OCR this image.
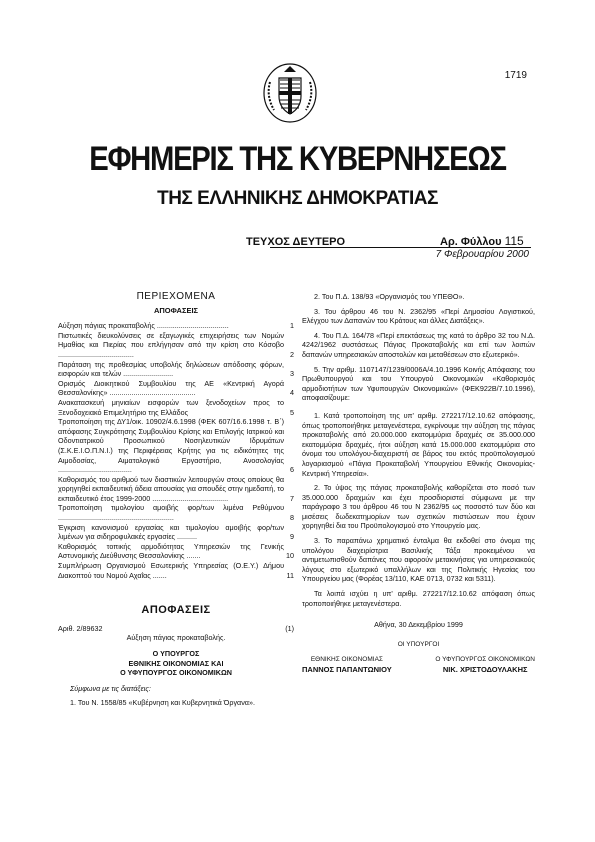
1719
ΕΦΗΜΕΡΙΣ ΤΗΣ ΚΥΒΕΡΝΗΣΕΩΣ
ΤΗΣ ΕΛΛΗΝΙΚΗΣ ΔΗΜΟΚΡΑΤΙΑΣ
ΤΕΥΧΟΣ ΔΕΥΤΕΡΟ	Αρ. Φύλλου 115
7 Φεβρουαρίου 2000
ΠΕΡΙΕΧΟΜΕΝΑ
ΑΠΟΦΑΣΕΙΣ
Αύξηση πάγιας προκαταβολής ....................................	1
Πιστωτικές διευκολύνσεις σε εξαγωγικές επιχειρήσεις των Νομών Ημαθίας και Πιερίας που επλήγησαν από την κρίση στο Κόσοβο ......................................	2
Παράταση της προθεσμίας υποβολής δηλώσεων απόδοσης φόρων, εισφορών και τελών .........................	3
Ορισμός Διοικητικού Συμβουλίου της ΑΕ «Κεντρική Αγορά Θεσσαλονίκης» ...........................................	4
Ανακατασκευή μηνιαίων εισφορών των ξενοδοχείων προς το Ξενοδοχειακό Επιμελητήριο της Ελλάδος	5
Τροποποίηση της ΔΥ1/οικ. 10902/4.6.1998 (ΦΕΚ 607/16.6.1998 τ. Β΄) απόφασης Συγκρότησης Συμβουλίου Κρίσης και Επιλογής Ιατρικού και Οδοντιατρικού Προσωπικού Νοσηλευτικών Ιδρυμάτων (Σ.Κ.Ε.Ι.Ο.Π.Ν.Ι.) της Περιφέρειας Κρήτης για τις ειδικότητες της Αιμοδοσίας, Αιματολογικό Εργαστήριο, Ανοσολογίας .....................................	6
Καθορισμός του αριθμού των διαστικών λειτουργών στους οποίους θα χορηγηθεί εκπαιδευτική άδεια απουσίας για σπουδές στην ημεδαπή, το εκπαιδευτικό έτος 1999-2000 ......................................	7
Τροποποίηση τιμολογίου αμοιβής φορ/των λιμένα Ρεθύμνου ..........................................................	8
Έγκριση κανονισμού εργασίας και τιμολογίου αμοιβής φορ/των λιμένων για σιδηροφυλακές εργασίες ..........	9
Καθορισμός τοπικής αρμοδιότητας Υπηρεσιών της Γενικής Αστυνομικής Διεύθυνσης Θεσσαλονίκης .......	10
Συμπλήρωση Οργανισμού Εσωτερικής Υπηρεσίας (Ο.Ε.Υ.) Δήμου Διακοπτού του Νομού Αχαΐας .......	11
ΑΠΟΦΑΣΕΙΣ
Αριθ. 2/89632	(1)
Αύξηση πάγιας προκαταβολής.
Ο ΥΠΟΥΡΓΟΣ
ΕΘΝΙΚΗΣ ΟΙΚΟΝΟΜΙΑΣ ΚΑΙ
Ο ΥΦΥΠΟΥΡΓΟΣ ΟΙΚΟΝΟΜΙΚΩΝ
Σύμφωνα με τις διατάξεις:
1. Του Ν. 1558/85 «Κυβέρνηση και Κυβερνητικά Όργανα».
2. Του Π.Δ. 138/93 «Οργανισμός του ΥΠΕΘΟ».
3. Του άρθρου 46 του Ν. 2362/95 «Περί Δημοσίου Λογιστικού, Ελέγχου των Δαπανών του Κράτους και άλλες Διατάξεις».
4. Του Π.Δ. 164/78 «Περί επεκτάσεως της κατά το άρθρο 32 του Ν.Δ. 4242/1962 συστάσεως Πάγιας Προκαταβολής και επί των λοιπών δαπανών υπηρεσιακών αποστολών και μεταθέσεων στο εξωτερικό».
5. Την αριθμ. 1107147/1239/0006Α/4.10.1996 Κοινής Απόφασης του Πρωθυπουργού και του Υπουργού Οικονομικών «Καθορισμός αρμοδιοτήτων των Υφυπουργών Οικονομικών» (ΦΕΚ922Β/7.10.1996), αποφασίζουμε:
1. Κατά τροποποίηση της υπ' αριθμ. 272217/12.10.62 απόφασης, όπως τροποποιήθηκε μεταγενέστερα, εγκρίνουμε την αύξηση της πάγιας προκαταβολής από 20.000.000 εκατομμύρια δραχμές σε 35.000.000 εκατομμύρια δραχμές, ήτοι αύξηση κατά 15.000.000 εκατομμύρια στο όνομα του υπολόγου-διαχειριστή σε βάρος του εκτός προϋπολογισμού λογαριασμού «Πάγια Προκαταβολή Υπουργείου Εθνικής Οικονομίας-Κεντρική Υπηρεσία».
2. Το ύψος της πάγιας προκαταβολής καθορίζεται στο ποσό των 35.000.000 δραχμών και έχει προσδιοριστεί σύμφωνα με την παράγραφο 3 του άρθρου 46 του Ν 2362/95 ως ποσοστό των δύο και μισέσεις δωδεκατημορίων των σχετικών πιστώσεων που έχουν χορηγηθεί δια του Προϋπολογισμού στο Υπουργείο μας.
3. Το παραπάνω χρηματικό ένταλμα θα εκδοθεί στο όνομα της υπολόγου διαχειρίστρια Βασιλικής Τάξα προκειμένου να αντιμετωπισθούν δαπάνες που αφορούν μετακινήσεις για υπηρεσιακούς λόγους στο εξωτερικό υπαλλήλων και της Πολιτικής Ηγεσίας του Υπουργείου μας (Φορέας 13/110, ΚΑΕ 0713, 0732 και 5311).
Τα λοιπά ισχύει η υπ' αριθμ. 272217/12.10.62 απόφαση όπως τροποποιήθηκε μεταγενέστερα.
Αθήνα, 30 Δεκεμβρίου 1999
ΟΙ ΥΠΟΥΡΓΟΙ
ΕΘΝΙΚΗΣ ΟΙΚΟΝΟΜΙΑΣ
ΠΑΝΝΟΣ ΠΑΠΑΝΤΩΝΙΟΥ
Ο ΥΦΥΠΟΥΡΓΟΣ ΟΙΚΟΝΟΜΙΚΩΝ
ΝΙΚ. ΧΡΙΣΤΟΔΟΥΛΑΚΗΣ
